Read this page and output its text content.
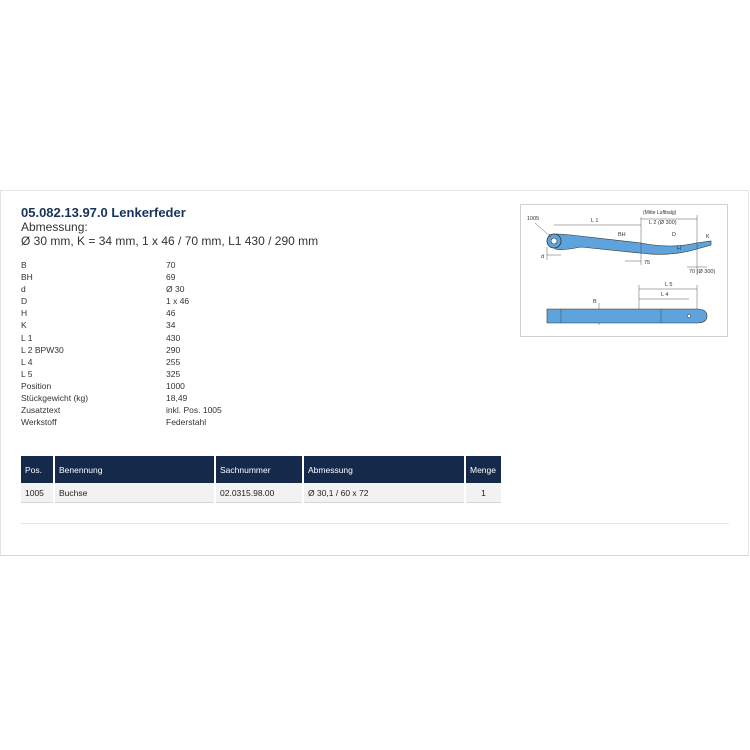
05.082.13.97.0 Lenkerfeder
Abmessung:
Ø 30 mm, K = 34 mm, 1 x 46 / 70 mm, L1 430 / 290 mm
B	70
BH	69
d	Ø 30
D	1 x 46
H	46
K	34
L 1	430
L 2 BPW30	290
L 4	255
L 5	325
Position	1000
Stückgewicht (kg)	18,49
Zusatztext	inkl. Pos. 1005
Werkstoff	Federstahl
Pos.	Benennung	Sachnummer	Abmessung	Menge
1005	Buchse	02.0315.98.00	Ø 30,1 / 60 x 72	1
1005	L 1
(Mitte Luftbalg)
L 2 (Ø 300)
BH	D	K
d
75
H
70 (Ø 300)
L 5
L 4
B
